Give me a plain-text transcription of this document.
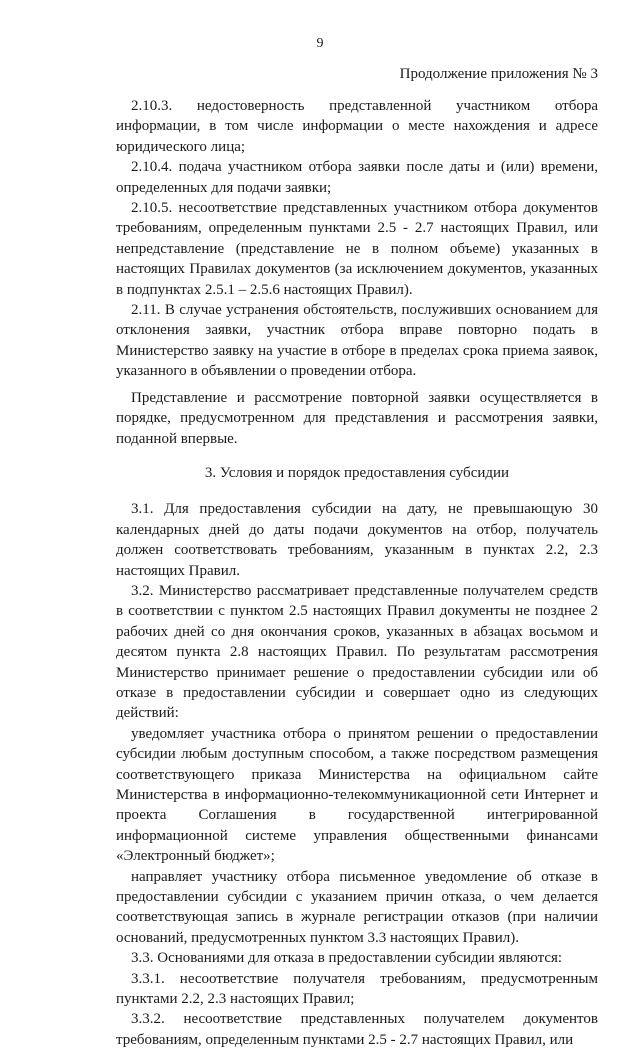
9
Продолжение приложения № 3

2.10.3. недостоверность представленной участником отбора информации, в том числе информации о месте нахождения и адресе юридического лица;

2.10.4. подача участником отбора заявки после даты и (или) времени, определенных для подачи заявки;

2.10.5. несоответствие представленных участником отбора документов требованиям, определенным пунктами 2.5 - 2.7 настоящих Правил, или непредставление (представление не в полном объеме) указанных в настоящих Правилах документов (за исключением документов, указанных в подпунктах 2.5.1 – 2.5.6 настоящих Правил).

2.11. В случае устранения обстоятельств, послуживших основанием для отклонения заявки, участник отбора вправе повторно подать в Министерство заявку на участие в отборе в пределах срока приема заявок, указанного в объявлении о проведении отбора.

Представление и рассмотрение повторной заявки осуществляется в порядке, предусмотренном для представления и рассмотрения заявки, поданной впервые.

3. Условия и порядок предоставления субсидии

3.1. Для предоставления субсидии на дату, не превышающую 30 календарных дней до даты подачи документов на отбор, получатель должен соответствовать требованиям, указанным в пунктах 2.2, 2.3 настоящих Правил.

3.2. Министерство рассматривает представленные получателем средств в соответствии с пунктом 2.5 настоящих Правил документы не позднее 2 рабочих дней со дня окончания сроков, указанных в абзацах восьмом и десятом пункта 2.8 настоящих Правил. По результатам рассмотрения Министерство принимает решение о предоставлении субсидии или об отказе в предоставлении субсидии и совершает одно из следующих действий:

уведомляет участника отбора о принятом решении о предоставлении субсидии любым доступным способом, а также посредством размещения соответствующего приказа Министерства на официальном сайте Министерства в информационно-телекоммуникационной сети Интернет и проекта Соглашения в государственной интегрированной информационной системе управления общественными финансами «Электронный бюджет»;

направляет участнику отбора письменное уведомление об отказе в предоставлении субсидии с указанием причин отказа, о чем делается соответствующая запись в журнале регистрации отказов (при наличии оснований, предусмотренных пунктом 3.3 настоящих Правил).

3.3. Основаниями для отказа в предоставлении субсидии являются:

3.3.1. несоответствие получателя требованиям, предусмотренным пунктами 2.2, 2.3 настоящих Правил;

3.3.2. несоответствие представленных получателем документов требованиям, определенным пунктами 2.5 - 2.7 настоящих Правил, или
